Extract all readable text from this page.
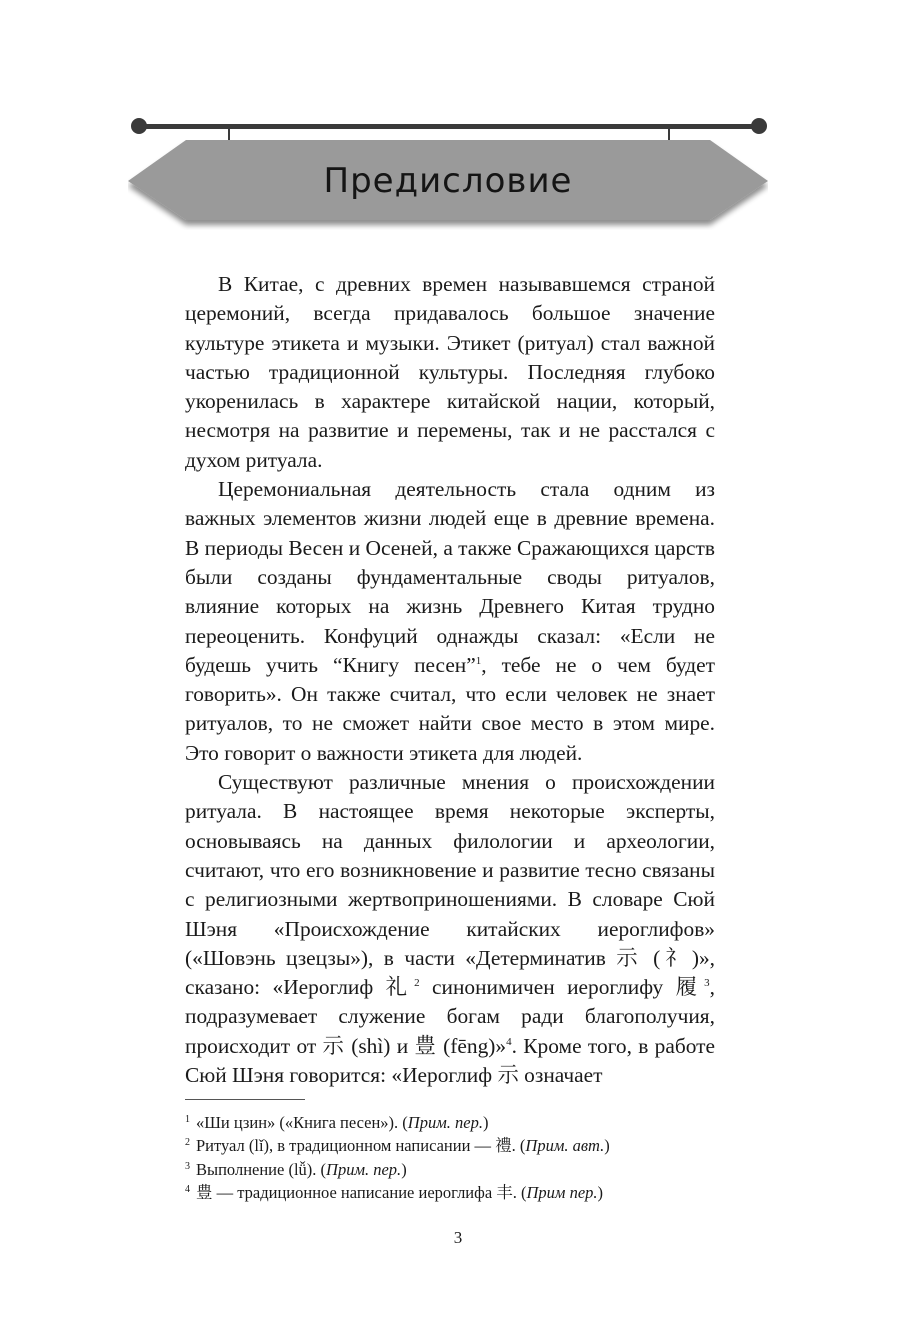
Предисловие

В Китае, с древних времен называвшемся страной церемоний, всегда придавалось большое значение культуре этикета и музыки. Этикет (ритуал) стал важной частью традиционной культуры. Последняя глубоко укоренилась в характере китайской нации, который, несмотря на развитие и перемены, так и не расстался с духом ритуала.

Церемониальная деятельность стала одним из важных элементов жизни людей еще в древние времена. В периоды Весен и Осеней, а также Сражающихся царств были созданы фундаментальные своды ритуалов, влияние которых на жизнь Древнего Китая трудно переоценить. Конфуций однажды сказал: «Если не будешь учить “Книгу песен”$^1$, тебе не о чем будет говорить». Он также считал, что если человек не знает ритуалов, то не сможет найти свое место в этом мире. Это говорит о важности этикета для людей.

Существуют различные мнения о происхождении ритуала. В настоящее время некоторые эксперты, основываясь на данных филологии и археологии, считают, что его возникновение и развитие тесно связаны с религиозными жертвоприношениями. В словаре Сюй Шэня «Происхождение китайских иероглифов» («Шовэнь цзецзы»), в части «Детерминатив 示 (礻)», сказано: «Иероглиф 礼$^2$ синонимичен иероглифу 履$^3$, подразумевает служение богам ради благополучия, происходит от 示 (shì) и 豊 (fēng)»$^4$. Кроме того, в работе Сюй Шэня говорится: «Иероглиф 示 означает

$^1$ «Ши цзин» («Книга песен»). (Прим. пер.)

$^2$ Ритуал (lǐ), в традиционном написании — 禮. (Прим. авт.)

$^3$ Выполнение (lǚ). (Прим. пер.)

$^4$ 豊 — традиционное написание иероглифа 丰. (Прим пер.)

3
